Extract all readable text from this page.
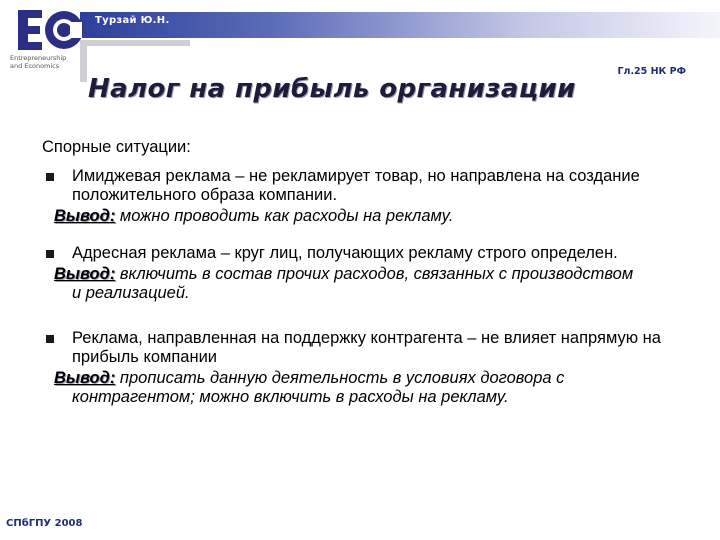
Турзай Ю.Н.
Entrepreneurship and Economics	Гл.25 НК РФ
Налог на прибыль организации
Спорные ситуации:
Имиджевая реклама – не рекламирует товар, но направлена на создание положительного образа компании.
Вывод: можно проводить как расходы на рекламу.
Адресная реклама – круг лиц, получающих рекламу строго определен.
Вывод: включить в состав прочих расходов, связанных с производством
и реализацией.
Реклама, направленная на поддержку контрагента – не влияет напрямую на прибыль компании
Вывод: прописать данную деятельность в условиях договора с
контрагентом; можно включить в расходы на рекламу.
СПбГПУ 2008
